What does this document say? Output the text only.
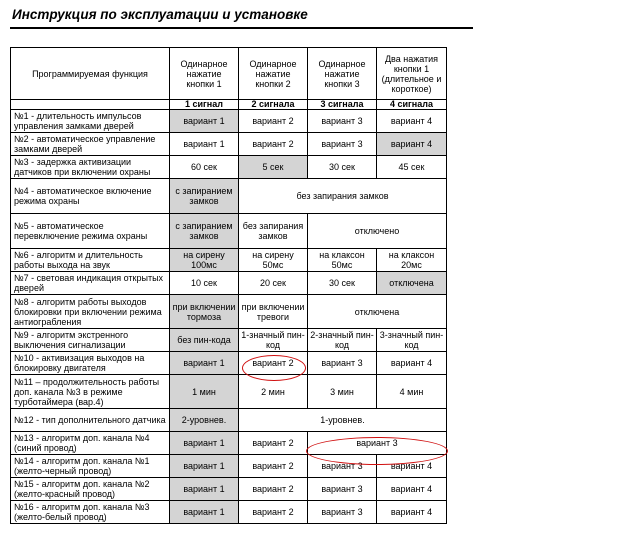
Инструкция по эксплуатации и установке
Программируемая функция	Одинарное нажатие кнопки 1	Одинарное нажатие кнопки 2	Одинарное нажатие кнопки 3	Два нажатия кнопки 1 (длительное и короткое)
	1 сигнал	2 сигнала	3 сигнала	4 сигнала
№1 - длительность импульсов управления замками дверей	вариант 1	вариант 2	вариант 3	вариант 4
№2 - автоматическое управление замками дверей	вариант 1	вариант 2	вариант 3	вариант 4
№3 - задержка активизации датчиков при включении охраны	60 сек	5 сек	30 сек	45 сек
№4 - автоматическое включение режима охраны	с запиранием замков	без запирания замков		
№5 - автоматическое перевключение режима охраны	с запиранием замков	без запирания замков	отключено	
№6 - алгоритм и длительность работы выхода на звук	на сирену 100мс	на сирену 50мс	на клаксон 50мс	на клаксон 20мс
№7 - световая индикация открытых дверей	10 сек	20 сек	30 сек	отключена
№8 - алгоритм работы выходов блокировки при включении режима антиограбления	при включении тормоза	при включении тревоги	отключена	
№9 - алгоритм экстренного выключения сигнализации	без пин-кода	1-значный пин-код	2-значный пин-код	3-значный пин-код
№10 - активизация выходов на блокировку двигателя	вариант 1	вариант 2	вариант 3	вариант 4
№11 – продолжительность работы доп. канала №3 в режиме турботаймера (вар.4)	1 мин	2 мин	3 мин	4 мин
№12 - тип дополнительного датчика	2-уровнев.	1-уровнев.		
№13 - алгоритм доп. канала №4 (синий провод)	вариант 1	вариант 2	вариант 3	
№14 - алгоритм доп. канала №1 (желто-черный провод)	вариант 1	вариант 2	вариант 3	вариант 4
№15 - алгоритм доп. канала №2 (желто-красный провод)	вариант 1	вариант 2	вариант 3	вариант 4
№16 - алгоритм доп. канала №3 (желто-белый провод)	вариант 1	вариант 2	вариант 3	вариант 4
